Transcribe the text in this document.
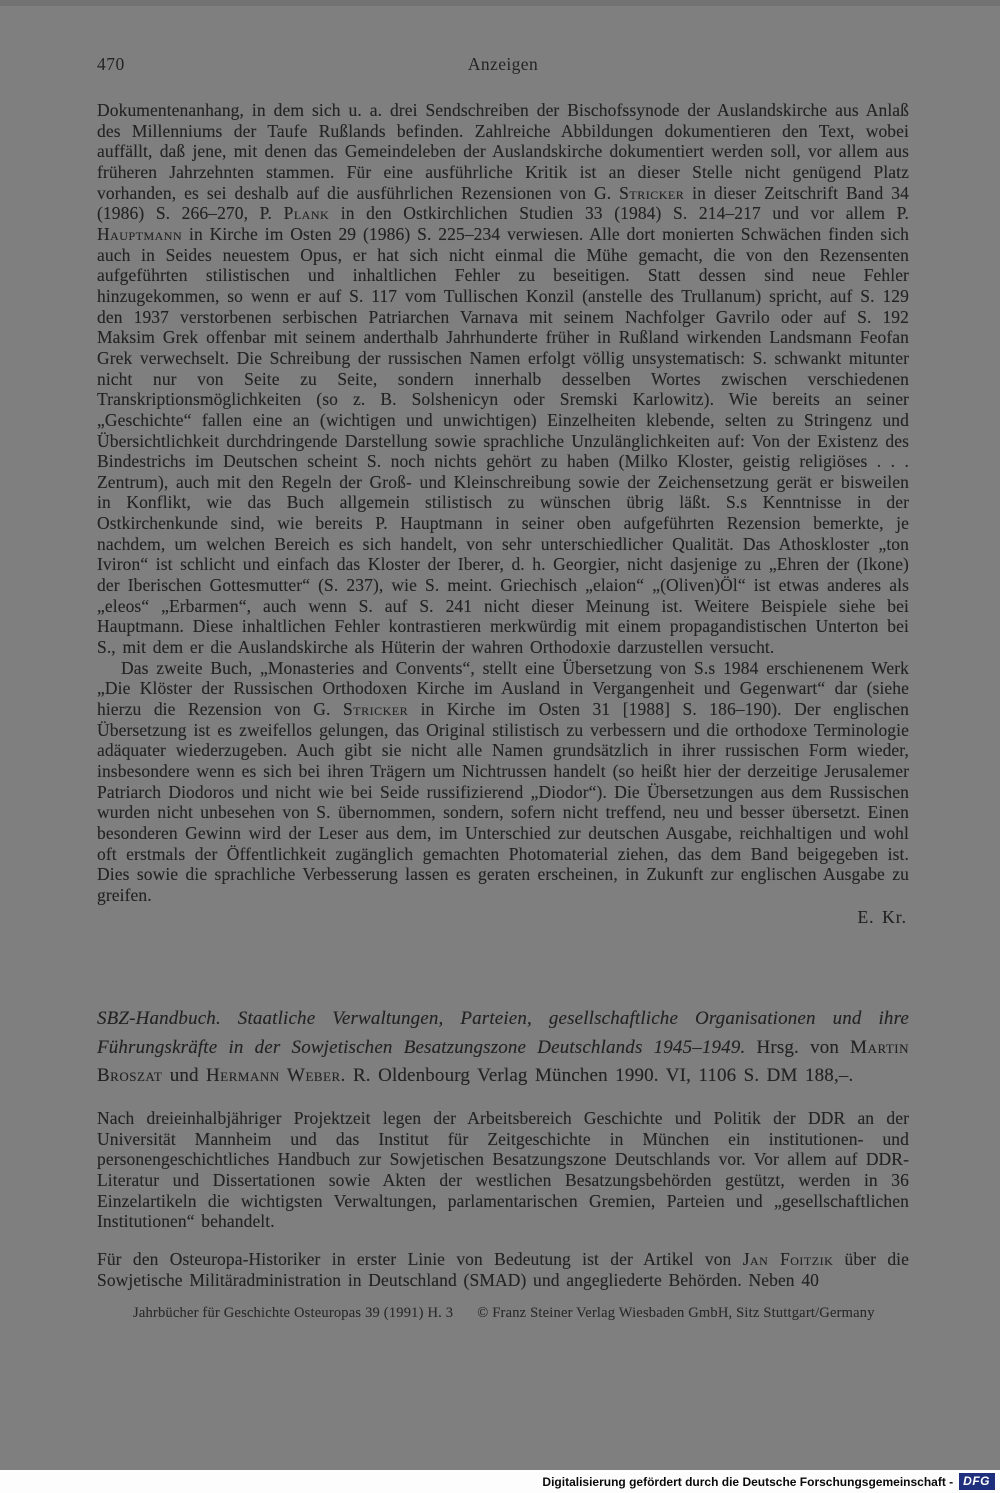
470	Anzeigen

Dokumentenanhang, in dem sich u. a. drei Sendschreiben der Bischofssynode der Auslandskirche aus Anlaß des Millenniums der Taufe Rußlands befinden. Zahlreiche Abbildungen dokumentieren den Text, wobei auffällt, daß jene, mit denen das Gemeindeleben der Auslandskirche dokumentiert werden soll, vor allem aus früheren Jahrzehnten stammen. Für eine ausführliche Kritik ist an dieser Stelle nicht genügend Platz vorhanden, es sei deshalb auf die ausführlichen Rezensionen von G. Stricker in dieser Zeitschrift Band 34 (1986) S. 266–270, P. Plank in den Ostkirchlichen Studien 33 (1984) S. 214–217 und vor allem P. Hauptmann in Kirche im Osten 29 (1986) S. 225–234 verwiesen. Alle dort monierten Schwächen finden sich auch in Seides neuestem Opus, er hat sich nicht einmal die Mühe gemacht, die von den Rezensenten aufgeführten stilistischen und inhaltlichen Fehler zu beseitigen. Statt dessen sind neue Fehler hinzugekommen, so wenn er auf S. 117 vom Tullischen Konzil (anstelle des Trullanum) spricht, auf S. 129 den 1937 verstorbenen serbischen Patriarchen Varnava mit seinem Nachfolger Gavrilo oder auf S. 192 Maksim Grek offenbar mit seinem anderthalb Jahrhunderte früher in Rußland wirkenden Landsmann Feofan Grek verwechselt. Die Schreibung der russischen Namen erfolgt völlig unsystematisch: S. schwankt mitunter nicht nur von Seite zu Seite, sondern innerhalb desselben Wortes zwischen verschiedenen Transkriptionsmöglichkeiten (so z. B. Solshenicyn oder Sremski Karlowitz). Wie bereits an seiner „Geschichte“ fallen eine an (wichtigen und unwichtigen) Einzelheiten klebende, selten zu Stringenz und Übersichtlichkeit durchdringende Darstellung sowie sprachliche Unzulänglichkeiten auf: Von der Existenz des Bindestrichs im Deutschen scheint S. noch nichts gehört zu haben (Milko Kloster, geistig religiöses . . . Zentrum), auch mit den Regeln der Groß- und Kleinschreibung sowie der Zeichensetzung gerät er bisweilen in Konflikt, wie das Buch allgemein stilistisch zu wünschen übrig läßt. S.s Kenntnisse in der Ostkirchenkunde sind, wie bereits P. Hauptmann in seiner oben aufgeführten Rezension bemerkte, je nachdem, um welchen Bereich es sich handelt, von sehr unterschiedlicher Qualität. Das Athoskloster „ton Iviron“ ist schlicht und einfach das Kloster der Iberer, d. h. Georgier, nicht dasjenige zu „Ehren der (Ikone) der Iberischen Gottesmutter“ (S. 237), wie S. meint. Griechisch „elaion“ „(Oliven)Öl“ ist etwas anderes als „eleos“ „Erbarmen“, auch wenn S. auf S. 241 nicht dieser Meinung ist. Weitere Beispiele siehe bei Hauptmann. Diese inhaltlichen Fehler kontrastieren merkwürdig mit einem propagandistischen Unterton bei S., mit dem er die Auslandskirche als Hüterin der wahren Orthodoxie darzustellen versucht.

Das zweite Buch, „Monasteries and Convents“, stellt eine Übersetzung von S.s 1984 erschienenem Werk „Die Klöster der Russischen Orthodoxen Kirche im Ausland in Vergangenheit und Gegenwart“ dar (siehe hierzu die Rezension von G. Stricker in Kirche im Osten 31 [1988] S. 186–190). Der englischen Übersetzung ist es zweifellos gelungen, das Original stilistisch zu verbessern und die orthodoxe Terminologie adäquater wiederzugeben. Auch gibt sie nicht alle Namen grundsätzlich in ihrer russischen Form wieder, insbesondere wenn es sich bei ihren Trägern um Nichtrussen handelt (so heißt hier der derzeitige Jerusalemer Patriarch Diodoros und nicht wie bei Seide russifizierend „Diodor“). Die Übersetzungen aus dem Russischen wurden nicht unbesehen von S. übernommen, sondern, sofern nicht treffend, neu und besser übersetzt. Einen besonderen Gewinn wird der Leser aus dem, im Unterschied zur deutschen Ausgabe, reichhaltigen und wohl oft erstmals der Öffentlichkeit zugänglich gemachten Photomaterial ziehen, das dem Band beigegeben ist. Dies sowie die sprachliche Verbesserung lassen es geraten erscheinen, in Zukunft zur englischen Ausgabe zu greifen.

E. Kr.

SBZ-Handbuch. Staatliche Verwaltungen, Parteien, gesellschaftliche Organisationen und ihre Führungskräfte in der Sowjetischen Besatzungszone Deutschlands 1945–1949. Hrsg. von Martin Broszat und Hermann Weber. R. Oldenbourg Verlag München 1990. VI, 1106 S. DM 188,–.

Nach dreieinhalbjähriger Projektzeit legen der Arbeitsbereich Geschichte und Politik der DDR an der Universität Mannheim und das Institut für Zeitgeschichte in München ein institutionen- und personengeschichtliches Handbuch zur Sowjetischen Besatzungszone Deutschlands vor. Vor allem auf DDR-Literatur und Dissertationen sowie Akten der westlichen Besatzungsbehörden gestützt, werden in 36 Einzelartikeln die wichtigsten Verwaltungen, parlamentarischen Gremien, Parteien und „gesellschaftlichen Institutionen“ behandelt.

Für den Osteuropa-Historiker in erster Linie von Bedeutung ist der Artikel von Jan Foitzik über die Sowjetische Militäradministration in Deutschland (SMAD) und angegliederte Behörden. Neben 40

Jahrbücher für Geschichte Osteuropas 39 (1991) H. 3 © Franz Steiner Verlag Wiesbaden GmbH, Sitz Stuttgart/Germany
Digitalisierung gefördert durch die Deutsche Forschungsgemeinschaft - DFG
